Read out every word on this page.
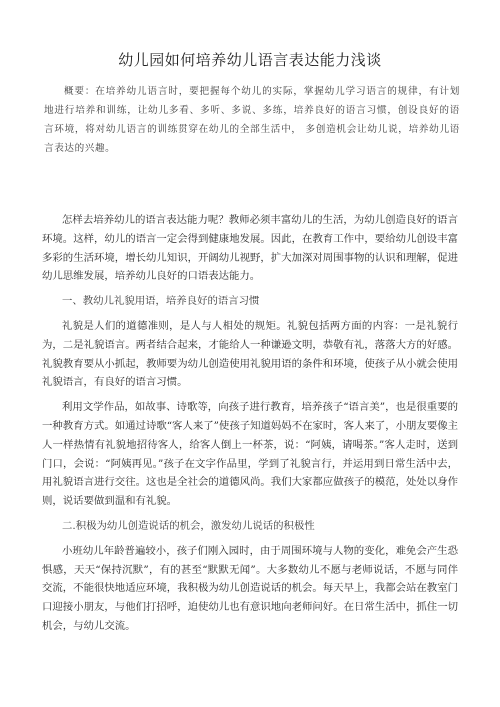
幼儿园如何培养幼儿语言表达能力浅谈
概要：在培养幼儿语言时，要把握每个幼儿的实际，掌握幼儿学习语言的规律，有计划地进行培养和训练，让幼儿多看、多听、多说、多练，培养良好的语言习惯，创设良好的语言环境，将对幼儿语言的训练贯穿在幼儿的全部生活中， 多创造机会让幼儿说，培养幼儿语言表达的兴趣。

怎样去培养幼儿的语言表达能力呢？教师必须丰富幼儿的生活，为幼儿创造良好的语言环境。这样，幼儿的语言一定会得到健康地发展。因此，在教育工作中，要给幼儿创设丰富多彩的生活环境，增长幼儿知识，开阔幼儿视野，扩大加深对周围事物的认识和理解，促进幼儿思维发展，培养幼儿良好的口语表达能力。

一、教幼儿礼貌用语，培养良好的语言习惯

礼貌是人们的道德准则，是人与人相处的规矩。礼貌包括两方面的内容：一是礼貌行为，二是礼貌语言。两者结合起来，才能给人一种谦逊文明，恭敬有礼，落落大方的好感。礼貌教育要从小抓起，教师要为幼儿创造使用礼貌用语的条件和环境，使孩子从小就会使用礼貌语言，有良好的语言习惯。

利用文学作品，如故事、诗歌等，向孩子进行教育，培养孩子“语言美”，也是很重要的一种教育方式。如通过诗歌“客人来了”使孩子知道妈妈不在家时，客人来了，小朋友要像主人一样热情有礼貌地招待客人，给客人倒上一杯茶，说：“阿姨，请喝茶。”客人走时，送到门口，会说：“阿姨再见。”孩子在文字作品里，学到了礼貌言行，并运用到日常生活中去，用礼貌语言进行交往。这也是全社会的道德风尚。我们大家都应做孩子的模范，处处以身作则，说话要做到温和有礼貌。

二.积极为幼儿创造说话的机会，激发幼儿说话的积极性

小班幼儿年龄普遍较小，孩子们刚入园时，由于周围环境与人物的变化，难免会产生恐惧感，天天“保持沉默”，有的甚至“默默无闻”。大多数幼儿不愿与老师说话，不愿与同伴交流，不能很快地适应环境，我积极为幼儿创造说话的机会。每天早上，我都会站在教室门口迎接小朋友，与他们打招呼，迫使幼儿也有意识地向老师问好。在日常生活中，抓住一切机会，与幼儿交流。
